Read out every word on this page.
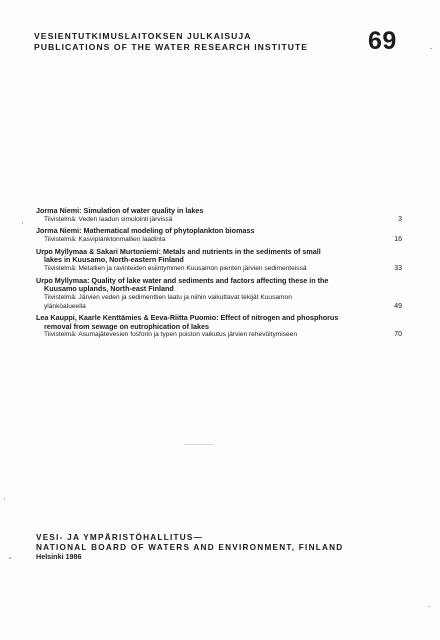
VESIENTUTKIMUSLAITOKSEN JULKAISUJA
PUBLICATIONS OF THE WATER RESEARCH INSTITUTE	69
Jorma Niemi: Simulation of water quality in lakes
Tiivistelmä: Veden laadun simulointi järvissä	3
Jorma Niemi: Mathematical modeling of phytoplankton biomass
Tiivistelmä: Kasviplanktonmallien laadinta	16
Urpo Myllymaa & Sakari Murtoniemi: Metals and nutrients in the sediments of small
lakes in Kuusamo, North-eastern Finland
Tiivistelmä: Metallien ja ravinteiden esiintyminen Kuusamon pienten järvien sedimenteissä	33
Urpo Myllymaa: Quality of lake water and sediments and factors affecting these in the
Kuusamo uplands, North-east Finland
Tiivistelmä: Järvien veden ja sedimenttien laatu ja niihin vaikuttavat tekijät Kuusamon
ylänköalueella	49
Lea Kauppi, Kaarle Kenttämies & Eeva-Riitta Puomio: Effect of nitrogen and phosphorus
removal from sewage on eutrophication of lakes
Tiivistelmä: Asumajätevesien fosforin ja typen poiston vaikutus järvien rehevöitymiseen	70
VESI- JA YMPÄRISTÖHALLITUS—
NATIONAL BOARD OF WATERS AND ENVIRONMENT, FINLAND
Helsinki 1986
